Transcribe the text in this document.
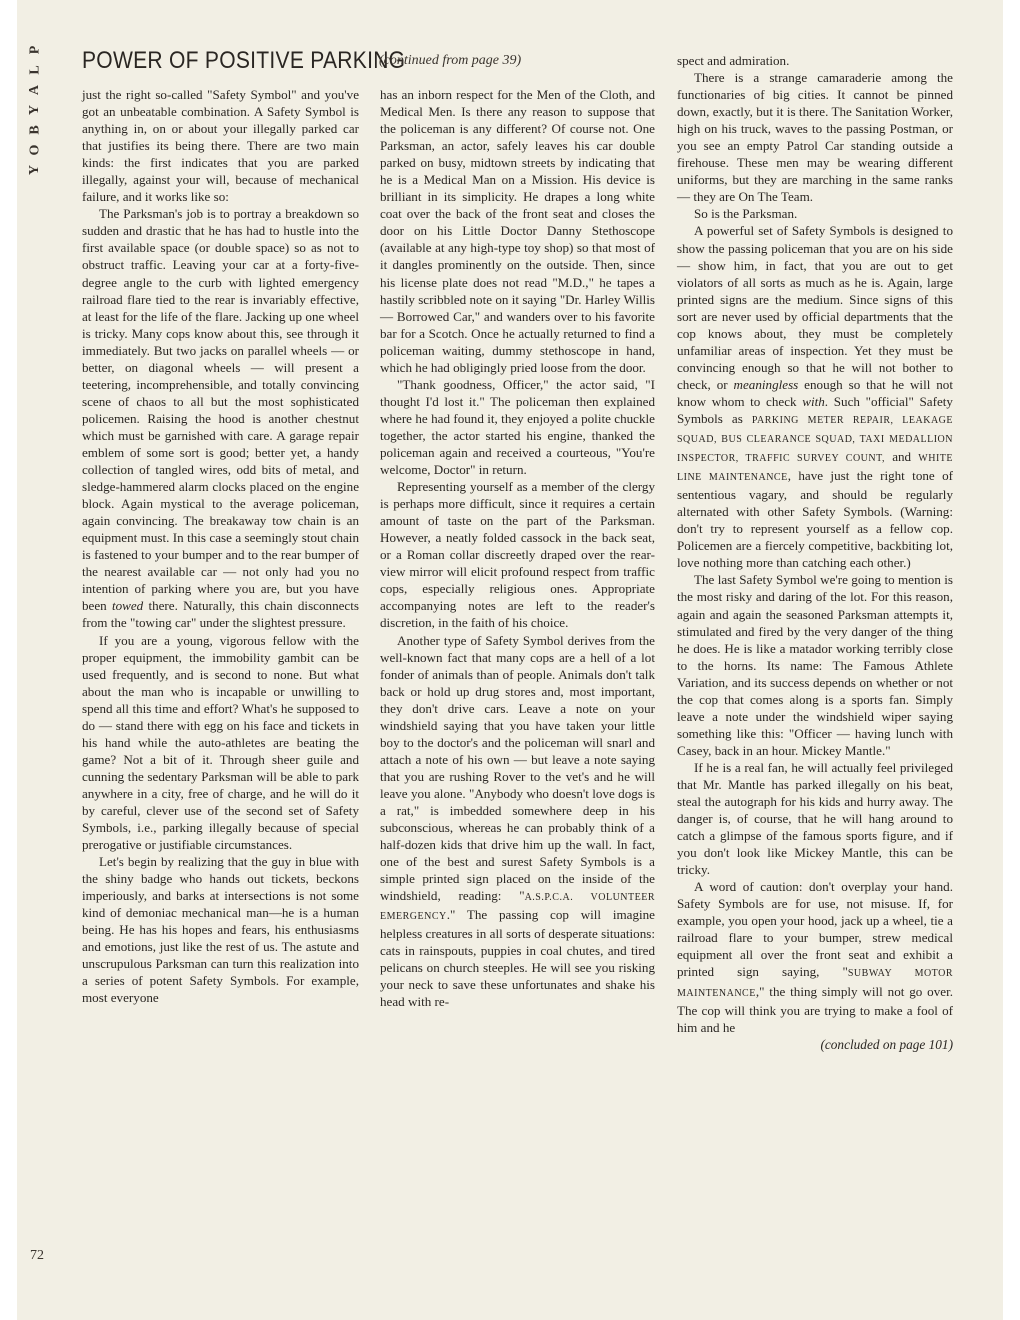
P
L
A
Y
B
O
Y
72
POWER OF POSITIVE PARKING
(continued from page 39)

just the right so-called "Safety Symbol" and you've got an unbeatable combination. A Safety Symbol is anything in, on or about your illegally parked car that justifies its being there. There are two main kinds: the first indicates that you are parked illegally, against your will, because of mechanical failure, and it works like so:

The Parksman's job is to portray a breakdown so sudden and drastic that he has had to hustle into the first available space (or double space) so as not to obstruct traffic. Leaving your car at a forty-five-degree angle to the curb with lighted emergency railroad flare tied to the rear is invariably effective, at least for the life of the flare. Jacking up one wheel is tricky. Many cops know about this, see through it immediately. But two jacks on parallel wheels — or better, on diagonal wheels — will present a teetering, incomprehensible, and totally convincing scene of chaos to all but the most sophisticated policemen. Raising the hood is another chestnut which must be garnished with care. A garage repair emblem of some sort is good; better yet, a handy collection of tangled wires, odd bits of metal, and sledge-hammered alarm clocks placed on the engine block. Again mystical to the average policeman, again convincing. The breakaway tow chain is an equipment must. In this case a seemingly stout chain is fastened to your bumper and to the rear bumper of the nearest available car — not only had you no intention of parking where you are, but you have been towed there. Naturally, this chain disconnects from the "towing car" under the slightest pressure.

If you are a young, vigorous fellow with the proper equipment, the immobility gambit can be used frequently, and is second to none. But what about the man who is incapable or unwilling to spend all this time and effort? What's he supposed to do — stand there with egg on his face and tickets in his hand while the auto-athletes are beating the game? Not a bit of it. Through sheer guile and cunning the sedentary Parksman will be able to park anywhere in a city, free of charge, and he will do it by careful, clever use of the second set of Safety Symbols, i.e., parking illegally because of special prerogative or justifiable circumstances.

Let's begin by realizing that the guy in blue with the shiny badge who hands out tickets, beckons imperiously, and barks at intersections is not some kind of demoniac mechanical man—he is a human being. He has his hopes and fears, his enthusiasms and emotions, just like the rest of us. The astute and unscrupulous Parksman can turn this realization into a series of potent Safety Symbols. For example, most everyone

has an inborn respect for the Men of the Cloth, and Medical Men. Is there any reason to suppose that the policeman is any different? Of course not. One Parksman, an actor, safely leaves his car double parked on busy, midtown streets by indicating that he is a Medical Man on a Mission. His device is brilliant in its simplicity. He drapes a long white coat over the back of the front seat and closes the door on his Little Doctor Danny Stethoscope (available at any high-type toy shop) so that most of it dangles prominently on the outside. Then, since his license plate does not read "M.D.," he tapes a hastily scribbled note on it saying "Dr. Harley Willis — Borrowed Car," and wanders over to his favorite bar for a Scotch. Once he actually returned to find a policeman waiting, dummy stethoscope in hand, which he had obligingly pried loose from the door.

"Thank goodness, Officer," the actor said, "I thought I'd lost it." The policeman then explained where he had found it, they enjoyed a polite chuckle together, the actor started his engine, thanked the policeman again and received a courteous, "You're welcome, Doctor" in return.

Representing yourself as a member of the clergy is perhaps more difficult, since it requires a certain amount of taste on the part of the Parksman. However, a neatly folded cassock in the back seat, or a Roman collar discreetly draped over the rear-view mirror will elicit profound respect from traffic cops, especially religious ones. Appropriate accompanying notes are left to the reader's discretion, in the faith of his choice.

Another type of Safety Symbol derives from the well-known fact that many cops are a hell of a lot fonder of animals than of people. Animals don't talk back or hold up drug stores and, most important, they don't drive cars. Leave a note on your windshield saying that you have taken your little boy to the doctor's and the policeman will snarl and attach a note of his own — but leave a note saying that you are rushing Rover to the vet's and he will leave you alone. "Anybody who doesn't love dogs is a rat," is imbedded somewhere deep in his subconscious, whereas he can probably think of a half-dozen kids that drive him up the wall. In fact, one of the best and surest Safety Symbols is a simple printed sign placed on the inside of the windshield, reading: "A.S.P.C.A. VOLUNTEER EMERGENCY." The passing cop will imagine helpless creatures in all sorts of desperate situations: cats in rainspouts, puppies in coal chutes, and tired pelicans on church steeples. He will see you risking your neck to save these unfortunates and shake his head with re-

spect and admiration.

There is a strange camaraderie among the functionaries of big cities. It cannot be pinned down, exactly, but it is there. The Sanitation Worker, high on his truck, waves to the passing Postman, or you see an empty Patrol Car standing outside a firehouse. These men may be wearing different uniforms, but they are marching in the same ranks — they are On The Team.

So is the Parksman.

A powerful set of Safety Symbols is designed to show the passing policeman that you are on his side — show him, in fact, that you are out to get violators of all sorts as much as he is. Again, large printed signs are the medium. Since signs of this sort are never used by official departments that the cop knows about, they must be completely unfamiliar areas of inspection. Yet they must be convincing enough so that he will not bother to check, or meaningless enough so that he will not know whom to check with. Such "official" Safety Symbols as PARKING METER REPAIR, LEAKAGE SQUAD, BUS CLEARANCE SQUAD, TAXI MEDALLION INSPECTOR, TRAFFIC SURVEY COUNT, and WHITE LINE MAINTENANCE, have just the right tone of sententious vagary, and should be regularly alternated with other Safety Symbols. (Warning: don't try to represent yourself as a fellow cop. Policemen are a fiercely competitive, backbiting lot, love nothing more than catching each other.)

The last Safety Symbol we're going to mention is the most risky and daring of the lot. For this reason, again and again the seasoned Parksman attempts it, stimulated and fired by the very danger of the thing he does. He is like a matador working terribly close to the horns. Its name: The Famous Athlete Variation, and its success depends on whether or not the cop that comes along is a sports fan. Simply leave a note under the windshield wiper saying something like this: "Officer — having lunch with Casey, back in an hour. Mickey Mantle."

If he is a real fan, he will actually feel privileged that Mr. Mantle has parked illegally on his beat, steal the autograph for his kids and hurry away. The danger is, of course, that he will hang around to catch a glimpse of the famous sports figure, and if you don't look like Mickey Mantle, this can be tricky.

A word of caution: don't overplay your hand. Safety Symbols are for use, not misuse. If, for example, you open your hood, jack up a wheel, tie a railroad flare to your bumper, strew medical equipment all over the front seat and exhibit a printed sign saying, "SUBWAY MOTOR MAINTENANCE," the thing simply will not go over. The cop will think you are trying to make a fool of him and he

(concluded on page 101)
